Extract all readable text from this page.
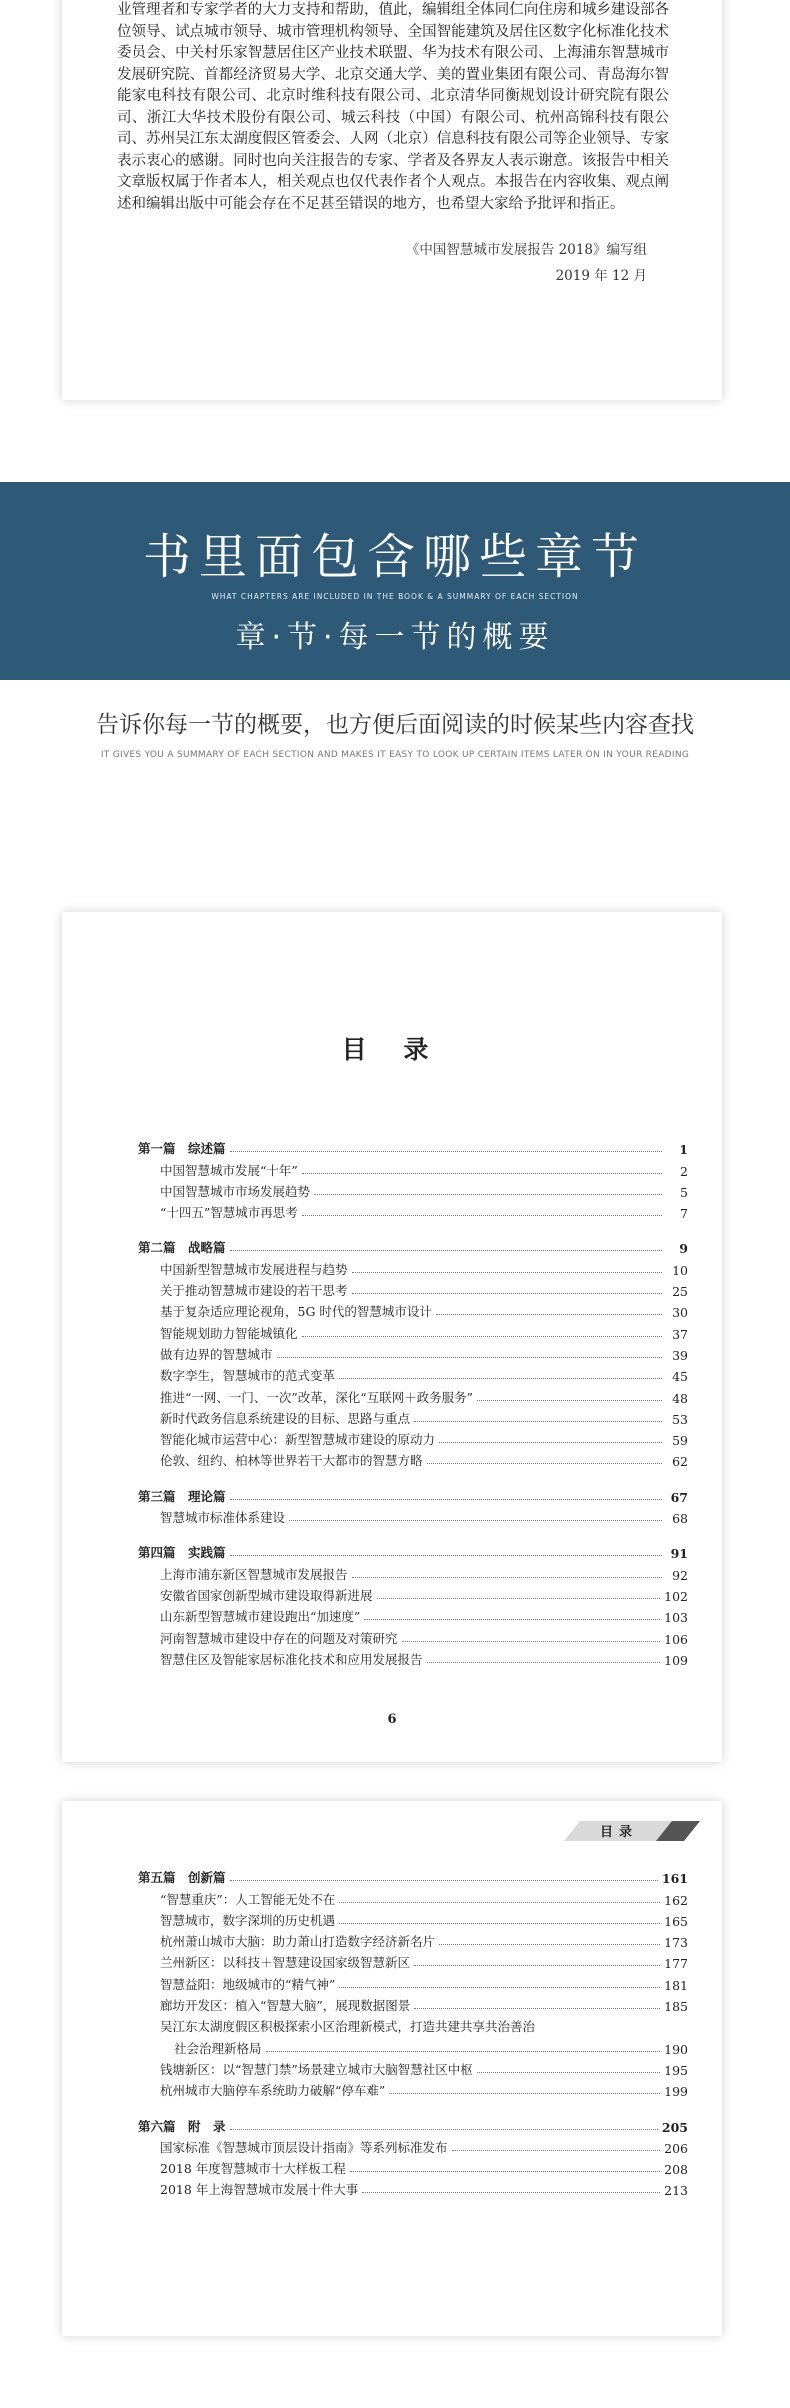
业管理者和专家学者的大力支持和帮助，值此，编辑组全体同仁向住房和城乡建设部各位领导、试点城市领导、城市管理机构领导、全国智能建筑及居住区数字化标准化技术委员会、中关村乐家智慧居住区产业技术联盟、华为技术有限公司、上海浦东智慧城市发展研究院、首都经济贸易大学、北京交通大学、美的置业集团有限公司、青岛海尔智能家电科技有限公司、北京时维科技有限公司、北京清华同衡规划设计研究院有限公司、浙江大华技术股份有限公司、城云科技（中国）有限公司、杭州高锦科技有限公司、苏州吴江东太湖度假区管委会、人网（北京）信息科技有限公司等企业领导、专家表示衷心的感谢。同时也向关注报告的专家、学者及各界友人表示谢意。该报告中相关文章版权属于作者本人，相关观点也仅代表作者个人观点。本报告在内容收集、观点阐述和编辑出版中可能会存在不足甚至错误的地方，也希望大家给予批评和指正。
《中国智慧城市发展报告 2018》编写组
2019 年 12 月
书里面包含哪些章节
WHAT CHAPTERS ARE INCLUDED IN THE BOOK & A SUMMARY OF EACH SECTION
章·节·每一节的概要
告诉你每一节的概要，也方便后面阅读的时候某些内容查找
IT GIVES YOU A SUMMARY OF EACH SECTION AND MAKES IT EASY TO LOOK UP CERTAIN ITEMS LATER ON IN YOUR READING
目 录
第一篇　综述篇	1
中国智慧城市发展“十年”	2
中国智慧城市市场发展趋势	5
“十四五”智慧城市再思考	7
第二篇　战略篇	9
中国新型智慧城市发展进程与趋势	10
关于推动智慧城市建设的若干思考	25
基于复杂适应理论视角，5G 时代的智慧城市设计	30
智能规划助力智能城镇化	37
做有边界的智慧城市	39
数字孪生，智慧城市的范式变革	45
推进“一网、一门、一次”改革，深化“互联网＋政务服务”	48
新时代政务信息系统建设的目标、思路与重点	53
智能化城市运营中心：新型智慧城市建设的原动力	59
伦敦、纽约、柏林等世界若干大都市的智慧方略	62
第三篇　理论篇	67
智慧城市标准体系建设	68
第四篇　实践篇	91
上海市浦东新区智慧城市发展报告	92
安徽省国家创新型城市建设取得新进展	102
山东新型智慧城市建设跑出“加速度”	103
河南智慧城市建设中存在的问题及对策研究	106
智慧住区及智能家居标准化技术和应用发展报告	109
6
目录
第五篇　创新篇	161
“智慧重庆”：人工智能无处不在	162
智慧城市，数字深圳的历史机遇	165
杭州萧山城市大脑：助力萧山打造数字经济新名片	173
兰州新区：以科技＋智慧建设国家级智慧新区	177
智慧益阳：地级城市的“精气神”	181
廊坊开发区：植入“智慧大脑”，展现数据图景	185
吴江东太湖度假区积极探索小区治理新模式，打造共建共享共治善治
社会治理新格局	190
钱塘新区：以“智慧门禁”场景建立城市大脑智慧社区中枢	195
杭州城市大脑停车系统助力破解“停车难”	199
第六篇　附　录	205
国家标准《智慧城市顶层设计指南》等系列标准发布	206
2018 年度智慧城市十大样板工程	208
2018 年上海智慧城市发展十件大事	213
